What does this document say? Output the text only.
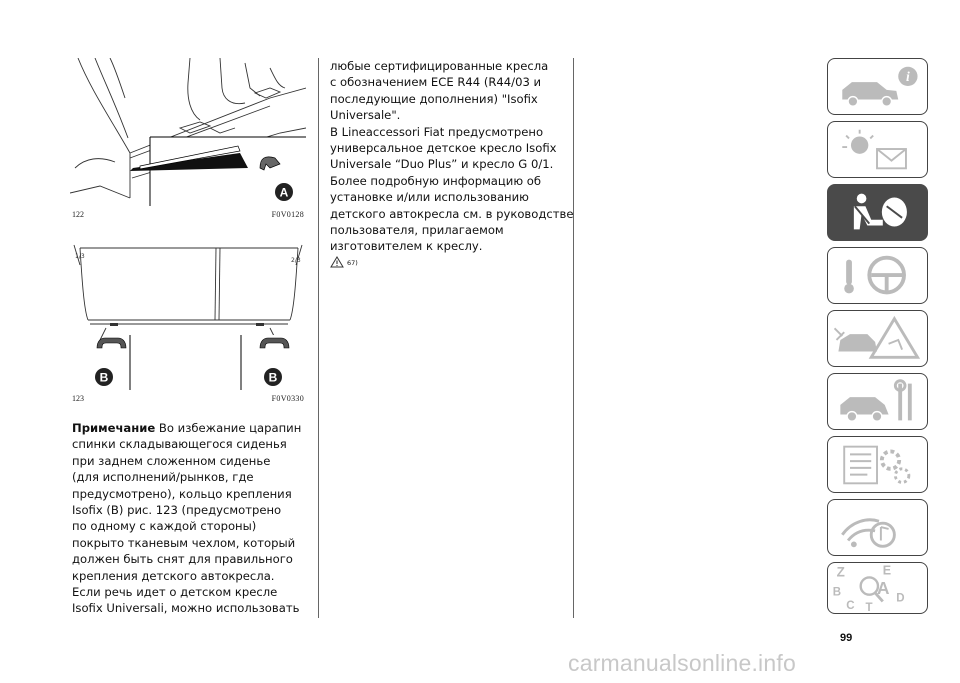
A
122	F0V0128
1/3
2/3
B	B
123	F0V0330

Примечание Во избежание царапин

спинки складывающегося сиденья

при заднем сложенном сиденье

(для исполнений/рынков, где

предусмотрено), кольцо крепления

Isofix (B) рис. 123 (предусмотрено

по одному с каждой стороны)

покрыто тканевым чехлом, который

должен быть снят для правильного

крепления детского автокресла.

Если речь идет о детском кресле

Isofix Universali, можно использовать

любые сертифицированные кресла

с обозначением ECE R44 (R44/03 и

последующие дополнения) "Isofix

Universale".

В Lineaccessori Fiat предусмотрено

универсальное детское кресло Isofix

Universale “Duo Plus” и кресло G 0/1.

Более подробную информацию об

установке и/или использованию

детского автокресла см. в руководстве

пользователя, прилагаемом

изготовителем к креслу.

67)
i
Z	E
B A
C
D
T
99
carmanualsonline.info
